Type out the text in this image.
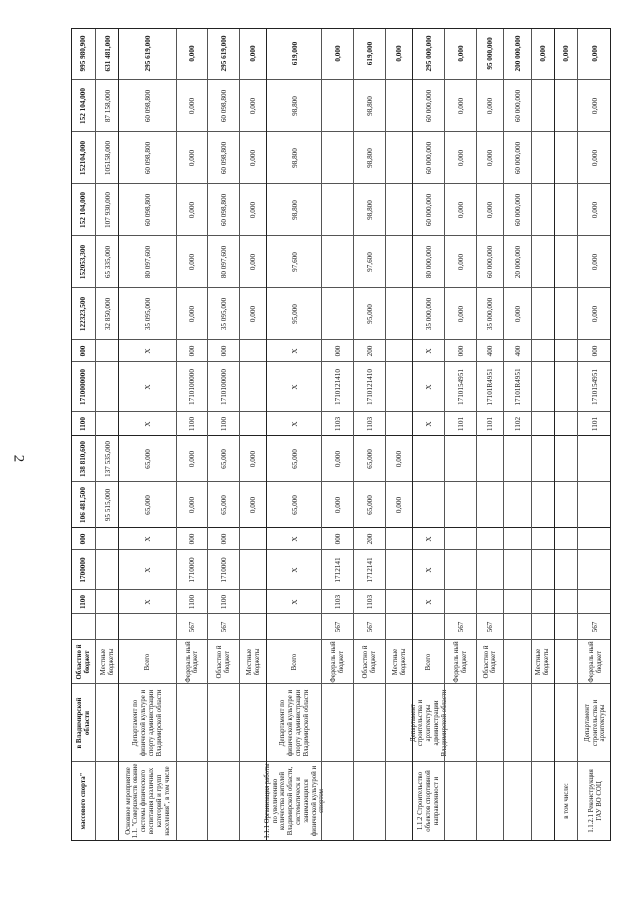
2
массового спорта"
в Владимирской области
Областно й бюджет
1100
1700000
000
106 481,500
138 810,600
1100
1710000000
000
122323,500
152053,300
152 104,000
152104,000
152 104,000
995 980,900
Местные бюджеты
95 515,000
137 535,000
32 850,000
65 335,000
107 930,000
105158,000
87 158,000
631 481,000
Основное мероприятие 1.1. "Совершенств ование системы физического воспитания различных категорий и групп населения", в том числе
Департамент по физической культуре и спорту администрации Владимирской области
Всего
Х
Х
Х
65,000
65,000
Х
Х
Х
35 095,000
80 097,600
60 098,800
60 098,800
60 098,800
295 619,000
Федераль ный бюджет
567
1100
1710000
000
0,000
0,000
1100
1710100000
000
0,000
0,000
0,000
0,000
0,000
0,000
Областно й бюджет
567
1100
1710000
000
65,000
65,000
1100
1710100000
000
35 095,000
80 097,600
60 098,800
60 098,800
60 098,800
295 619,000
Местные бюджеты
0,000
0,000
0,000
0,000
0,000
0,000
0,000
0,000
1.1.1 Организация работы по увеличению количества жителей Владимирской области, систематическ и занимающихся физической культурой и спортом
Департамент по физической культуре и спорту администрации Владимирской области
Всего
Х
Х
Х
65,000
65,000
Х
Х
Х
95,000
97,600
98,800
98,800
98,800
619,000
Федераль ный бюджет
567
1103
1712141
000
0,000
0,000
1103
1710121410
000
0,000
Областно й бюджет
567
1103
1712141
200
65,000
65,000
1103
1710121410
200
95,000
97,600
98,800
98,800
98,800
619,000
Местные бюджеты
0,000
0,000
0,000
1.1.2 Строительство объектов спортивной направленност и
Департамент строительства и архитектуры администрации Владимирской области
Всего
Х
Х
Х
Х
Х
Х
35 000,000
80 000,000
60 000,000
60 000,000
60 000,000
295 000,000
Федераль ный бюджет
567
1101
1710154951
000
0,000
0,000
0,000
0,000
0,000
0,000
Областно й бюджет
567
1101
17101R4951
400
35 000,000
60 000,000
0,000
0,000
0,000
95 000,000
1102
17101R4951
400
0,000
20 000,000
60 000,000
60 000,000
60 000,000
200 000,000
Местные бюджеты
0,000
в том числе:
0,000
1.1.2.1 Реконструкция ГАУ ВО СОЦ
Департамент строительства и архитектуры
Федераль ный бюджет
567
1101
1710154951
000
0,000
0,000
0,000
0,000
0,000
0,000
